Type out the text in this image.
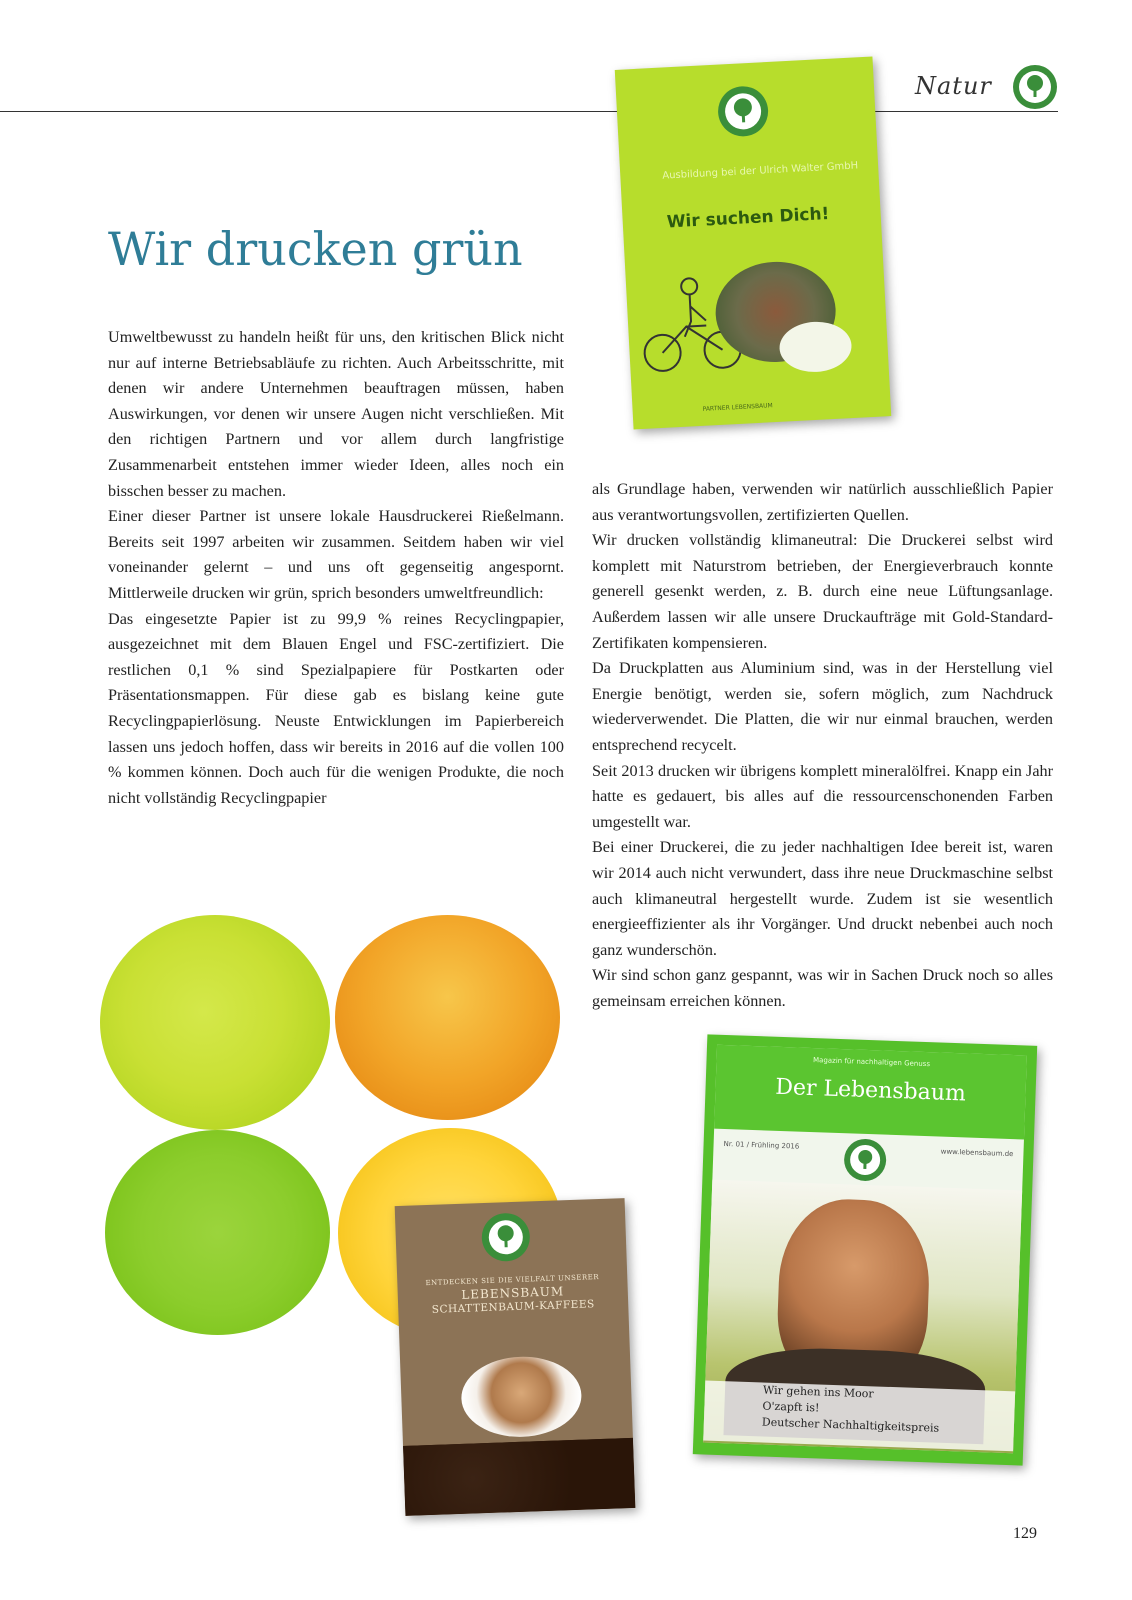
Natur
Wir drucken grün

Umweltbewusst zu handeln heißt für uns, den kritischen Blick nicht nur auf interne Betriebsabläufe zu richten. Auch Arbeitsschritte, mit denen wir andere Unternehmen beauftragen müssen, haben Auswirkungen, vor denen wir unsere Augen nicht verschließen. Mit den richtigen Partnern und vor allem durch langfristige Zusammenarbeit entstehen immer wieder Ideen, alles noch ein bisschen besser zu machen.

Einer dieser Partner ist unsere lokale Hausdruckerei Rießelmann. Bereits seit 1997 arbeiten wir zusammen. Seitdem haben wir viel voneinander gelernt – und uns oft gegenseitig angespornt. Mittlerweile drucken wir grün, sprich besonders umweltfreundlich:

Das eingesetzte Papier ist zu 99,9 % reines Recyclingpapier, ausgezeichnet mit dem Blauen Engel und FSC-zertifiziert. Die restlichen 0,1 % sind Spezialpapiere für Postkarten oder Präsentationsmappen. Für diese gab es bislang keine gute Recyclingpapierlösung. Neuste Entwicklungen im Papierbereich lassen uns jedoch hoffen, dass wir bereits in 2016 auf die vollen 100 % kommen können. Doch auch für die wenigen Produkte, die noch nicht vollständig Recyclingpapier

als Grundlage haben, verwenden wir natürlich ausschließlich Papier aus verantwortungsvollen, zertifizierten Quellen.

Wir drucken vollständig klimaneutral: Die Druckerei selbst wird komplett mit Naturstrom betrieben, der Energieverbrauch konnte generell gesenkt werden, z. B. durch eine neue Lüftungsanlage. Außerdem lassen wir alle unsere Druckaufträge mit Gold-Standard-Zertifikaten kompensieren.

Da Druckplatten aus Aluminium sind, was in der Herstellung viel Energie benötigt, werden sie, sofern möglich, zum Nachdruck wiederverwendet. Die Platten, die wir nur einmal brauchen, werden entsprechend recycelt.

Seit 2013 drucken wir übrigens komplett mineralölfrei. Knapp ein Jahr hatte es gedauert, bis alles auf die ressourcenschonenden Farben umgestellt war.

Bei einer Druckerei, die zu jeder nachhaltigen Idee bereit ist, waren wir 2014 auch nicht verwundert, dass ihre neue Druckmaschine selbst auch klimaneutral hergestellt wurde. Zudem ist sie wesentlich energieeffizienter als ihr Vorgänger. Und druckt nebenbei auch noch ganz wunderschön.

Wir sind schon ganz gespannt, was wir in Sachen Druck noch so alles gemeinsam erreichen können.

Ausbildung bei der Ulrich Walter GmbH
Wir suchen Dich!
PARTNER LEBENSBAUM
Magazin für nachhaltigen Genuss
Der Lebensbaum
Nr. 01 / Frühling 2016
www.lebensbaum.de
Wir gehen ins Moor
O'zapft is!
Deutscher Nachhaltigkeitspreis
ENTDECKEN SIE DIE VIELFALT UNSERER
LEBENSBAUM
SCHATTENBAUM-KAFFEES
129
